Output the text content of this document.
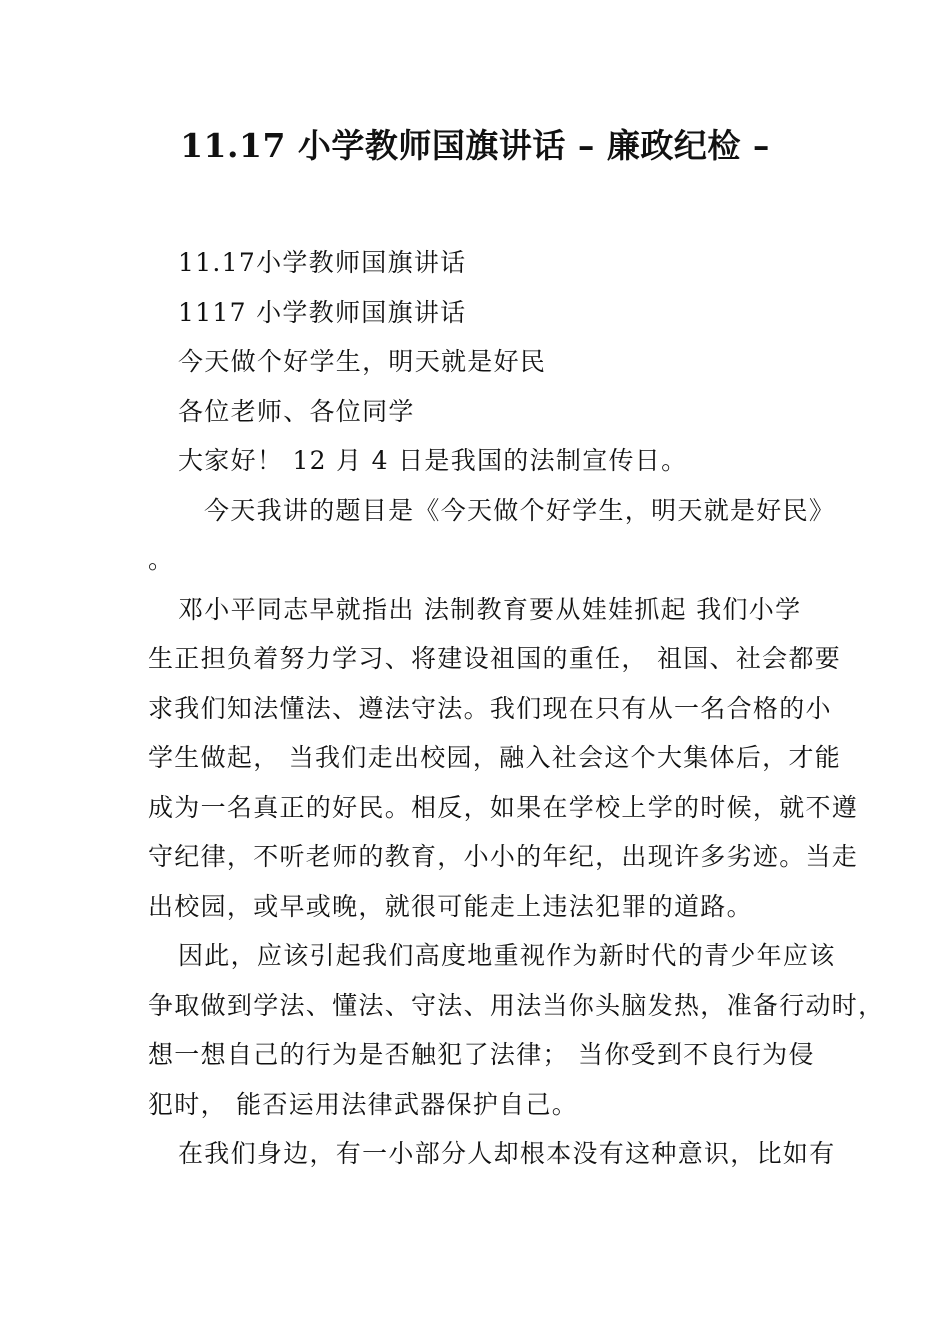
11.17 小学教师国旗讲话 – 廉政纪检 –

11.17小学教师国旗讲话

1117 小学教师国旗讲话

今天做个好学生，明天就是好民

各位老师、各位同学

大家好！ 12 月 4 日是我国的法制宣传日。

今天我讲的题目是《今天做个好学生，明天就是好民》

。

邓小平同志早就指出 法制教育要从娃娃抓起 我们小学

生正担负着努力学习、将建设祖国的重任， 祖国、社会都要

求我们知法懂法、遵法守法。我们现在只有从一名合格的小

学生做起， 当我们走出校园，融入社会这个大集体后，才能

成为一名真正的好民。相反，如果在学校上学的时候，就不遵

守纪律，不听老师的教育，小小的年纪，出现许多劣迹。当走

出校园，或早或晚，就很可能走上违法犯罪的道路。

因此，应该引起我们高度地重视作为新时代的青少年应该

争取做到学法、懂法、守法、用法当你头脑发热，准备行动时，

想一想自己的行为是否触犯了法律； 当你受到不良行为侵

犯时， 能否运用法律武器保护自己。

在我们身边，有一小部分人却根本没有这种意识，比如有
